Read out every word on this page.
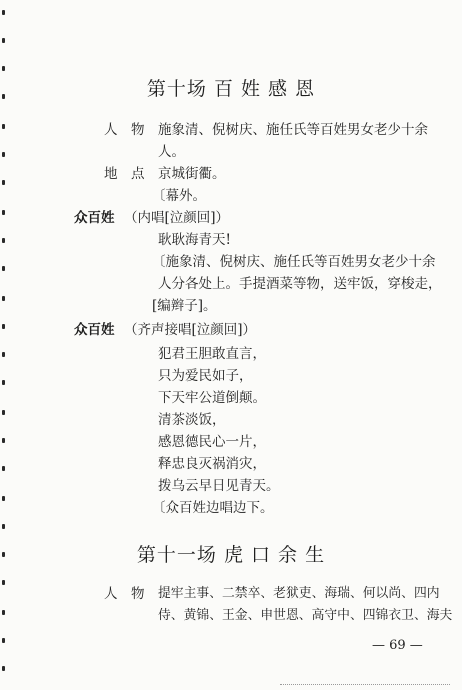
第十场 百 姓 感 恩
人　物 施象清、倪树庆、施任氏等百姓男女老少十余
人。
地　点 京城街衢。
〔幕外。
众百姓 （内唱[泣颜回]）
耿耿海青天!
〔施象清、倪树庆、施任氏等百姓男女老少十余
人分各处上。手提酒菜等物，送牢饭，穿梭走，
[编辫子]。
众百姓 （齐声接唱[泣颜回]）
犯君王胆敢直言，
只为爱民如子，
下天牢公道倒颠。
清茶淡饭，
感恩德民心一片，
释忠良灭祸消灾，
拨乌云早日见青天。
〔众百姓边唱边下。
第十一场 虎 口 余 生
人　物 提牢主事、二禁卒、老狱吏、海瑞、何以尚、四内
侍、黄锦、王金、申世恩、高守中、四锦衣卫、海夫
— 69 —
